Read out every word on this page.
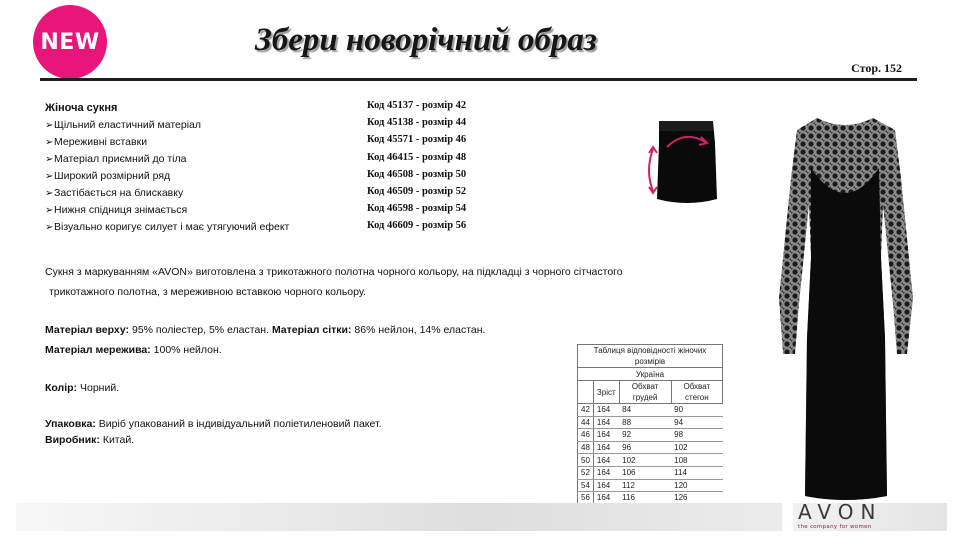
NEW	Збери новорічний образ
Стор. 152
Жіноча сукня
➢ Щільний еластичний матеріал
➢ Мереживні вставки
➢ Матеріал приємний до тіла
➢ Широкий розмірний ряд
➢ Застібається на блискавку
➢ Нижня спідниця знімається
➢ Візуально коригує силует і має утягуючий ефект
Код 45137 - розмір 42
Код 45138 - розмір 44
Код 45571 - розмір 46
Код 46415 - розмір 48
Код 46508 - розмір 50
Код 46509 - розмір 52
Код 46598 - розмір 54
Код 46609 - розмір 56

Сукня з маркуванням «AVON» виготовлена з трикотажного полотна чорного кольору, на підкладці з чорного сітчастого

трикотажного полотна, з мереживною вставкою чорного кольору.

Матеріал верху: 95% поліестер, 5% еластан. Матеріал сітки: 86% нейлон, 14% еластан.

Матеріал мережива: 100% нейлон.

Колір: Чорний.

Упаковка: Виріб упакований в індивідуальний поліетиленовий пакет.

Виробник: Китай.

Таблиця відповідності жіночих розмірів			
Україна			
	Зріст	Обхват грудей	Обхват стегон
42	164	84	90
44	164	88	94
46	164	92	98
48	164	96	102
50	164	102	108
52	164	106	114
54	164	112	120
56	164	116	126
AVON
the company for women
